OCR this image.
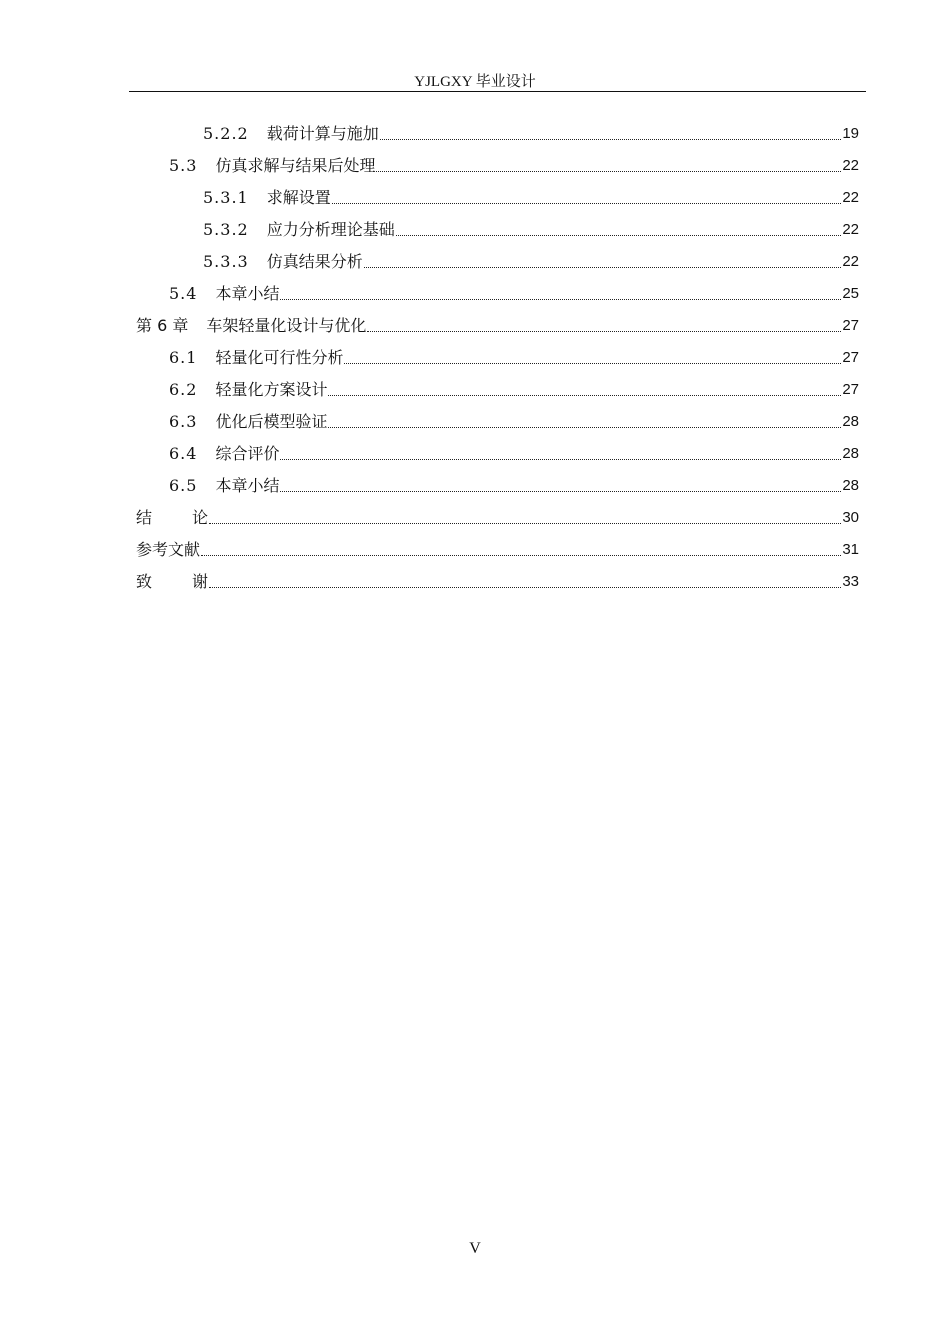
YJLGXY 毕业设计
5.2.2 载荷计算与施加	19
5.3 仿真求解与结果后处理	22
5.3.1 求解设置	22
5.3.2 应力分析理论基础	22
5.3.3 仿真结果分析	22
5.4 本章小结	25
第 6 章 车架轻量化设计与优化	27
6.1 轻量化可行性分析	27
6.2 轻量化方案设计	27
6.3 优化后模型验证	28
6.4 综合评价	28
6.5 本章小结	28
结论	30
参考文献	31
致谢	33
V
